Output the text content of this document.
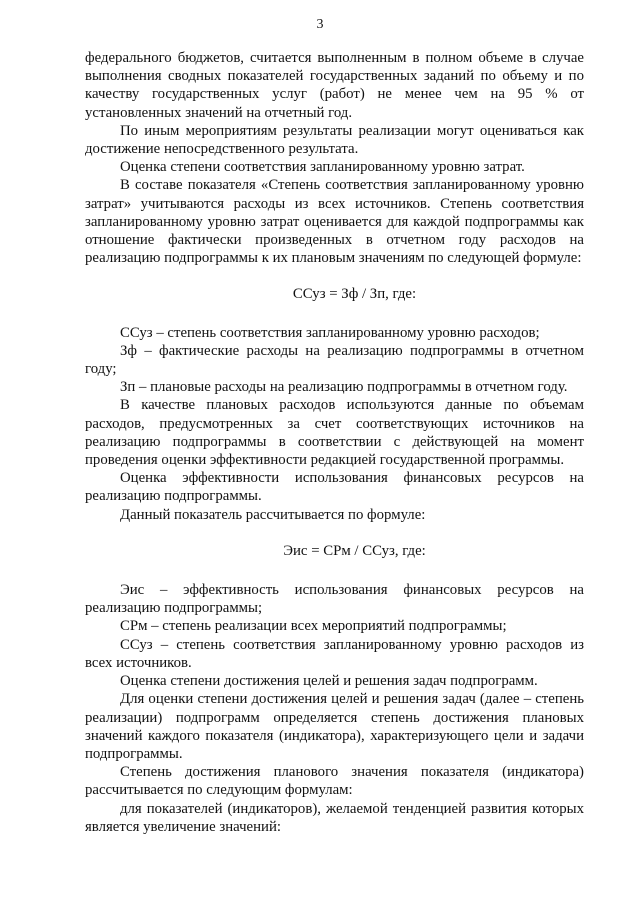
3

федерального бюджетов, считается выполненным в полном объеме в случае выполнения сводных показателей государственных заданий по объему и по качеству государственных услуг (работ) не менее чем на 95 % от установленных значений на отчетный год.

По иным мероприятиям результаты реализации могут оцениваться как достижение непосредственного результата.

Оценка степени соответствия запланированному уровню затрат.

В составе показателя «Степень соответствия запланированному уровню затрат» учитываются расходы из всех источников. Степень соответствия запланированному уровню затрат оценивается для каждой подпрограммы как отношение фактически произведенных в отчетном году расходов на реализацию подпрограммы к их плановым значениям по следующей формуле:

ССуз = Зф / Зп, где:

ССуз – степень соответствия запланированному уровню расходов;

Зф – фактические расходы на реализацию подпрограммы в отчетном году;

Зп – плановые расходы на реализацию подпрограммы в отчетном году.

В качестве плановых расходов используются данные по объемам расходов, предусмотренных за счет соответствующих источников на реализацию подпрограммы в соответствии с действующей на момент проведения оценки эффективности редакцией государственной программы.

Оценка эффективности использования финансовых ресурсов на реализацию подпрограммы.

Данный показатель рассчитывается по формуле:

Эис = СРм / ССуз, где:

Эис – эффективность использования финансовых ресурсов на реализацию подпрограммы;

СРм – степень реализации всех мероприятий подпрограммы;

ССуз – степень соответствия запланированному уровню расходов из всех источников.

Оценка степени достижения целей и решения задач подпрограмм.

Для оценки степени достижения целей и решения задач (далее – степень реализации) подпрограмм определяется степень достижения плановых значений каждого показателя (индикатора), характеризующего цели и задачи подпрограммы.

Степень достижения планового значения показателя (индикатора) рассчитывается по следующим формулам:

для показателей (индикаторов), желаемой тенденцией развития которых является увеличение значений:
